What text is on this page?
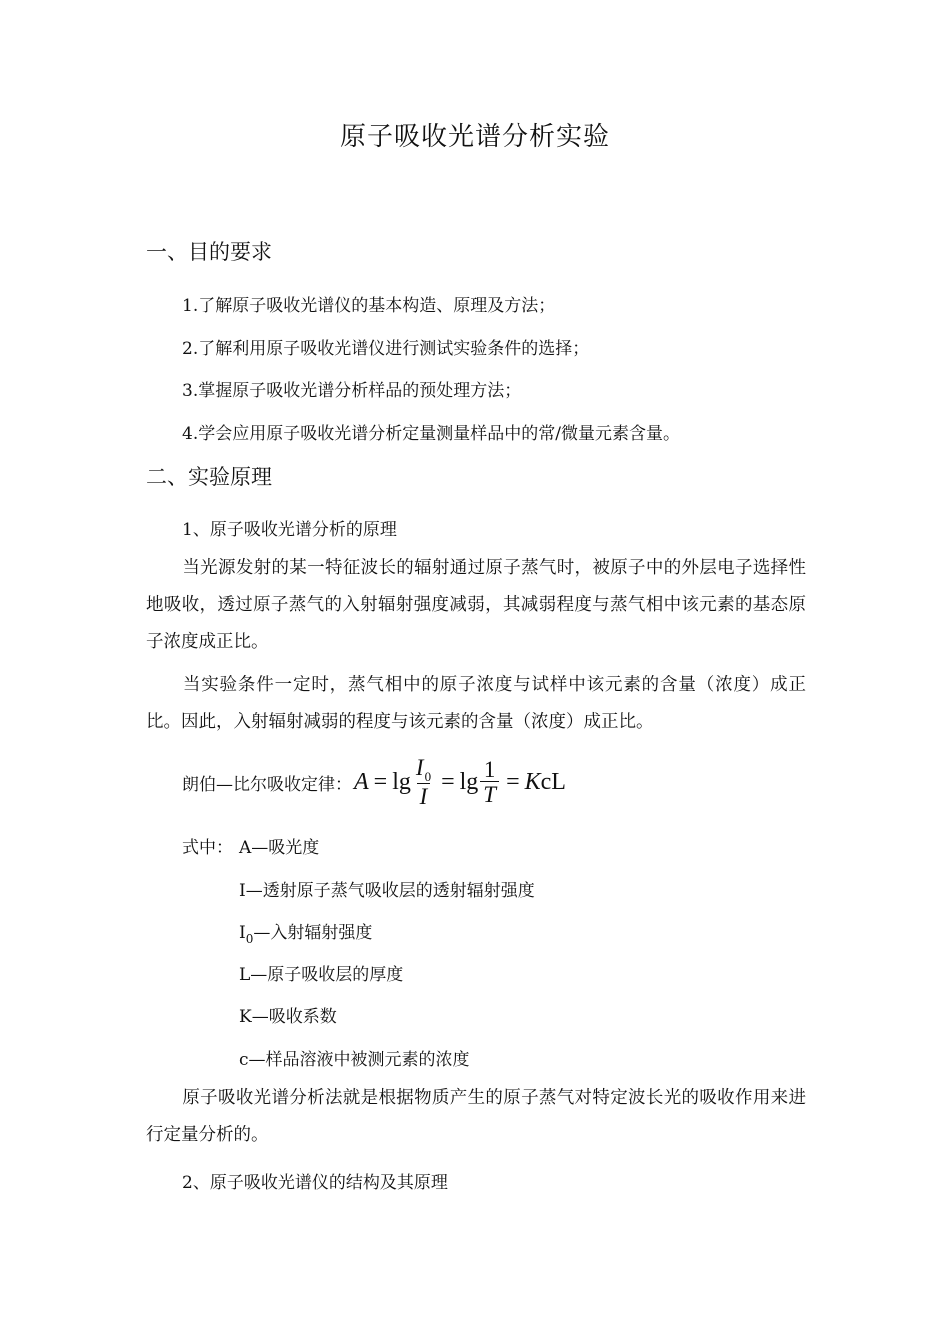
原子吸收光谱分析实验
一、目的要求
1.了解原子吸收光谱仪的基本构造、原理及方法；
2.了解利用原子吸收光谱仪进行测试实验条件的选择；
3.掌握原子吸收光谱分析样品的预处理方法；
4.学会应用原子吸收光谱分析定量测量样品中的常/微量元素含量。
二、实验原理
1、原子吸收光谱分析的原理
当光源发射的某一特征波长的辐射通过原子蒸气时，被原子中的外层电子选择性地吸收，透过原子蒸气的入射辐射强度减弱，其减弱程度与蒸气相中该元素的基态原子浓度成正比。
当实验条件一定时，蒸气相中的原子浓度与试样中该元素的含量（浓度）成正比。因此，入射辐射减弱的程度与该元素的含量（浓度）成正比。
朗伯—比尔吸收定律： $A = \lg \frac{I_0}{I} = \lg \frac{1}{T} = K$ cL
式中： A—吸光度
I—透射原子蒸气吸收层的透射辐射强度
$I_0—$入射辐射强度
L—原子吸收层的厚度
K—吸收系数
c—样品溶液中被测元素的浓度
原子吸收光谱分析法就是根据物质产生的原子蒸气对特定波长光的吸收作用来进行定量分析的。
2、原子吸收光谱仪的结构及其原理
